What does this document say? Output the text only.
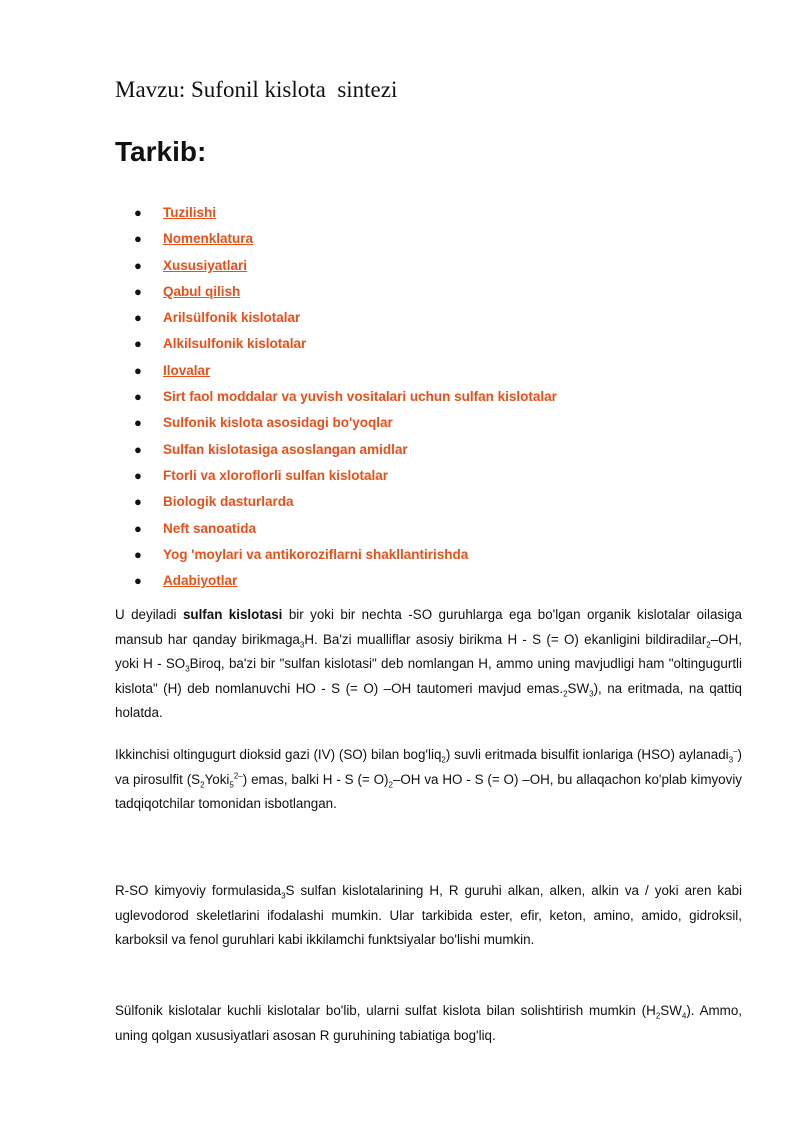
Mavzu: Sufonil kislota  sintezi
Tarkib:
● Tuzilishi
● Nomenklatura
● Xususiyatlari
● Qabul qilish
● Arilsülfonik kislotalar
● Alkilsulfonik kislotalar
● Ilovalar
● Sirt faol moddalar va yuvish vositalari uchun sulfan kislotalar
● Sulfonik kislota asosidagi bo'yoqlar
● Sulfan kislotasiga asoslangan amidlar
● Ftorli va xloroflorli sulfan kislotalar
● Biologik dasturlarda
● Neft sanoatida
● Yog 'moylari va antikoroziflarni shakllantirishda
● Adabiyotlar

U deyiladi sulfan kislotasi bir yoki bir nechta -SO guruhlarga ega bo'lgan organik kislotalar oilasiga mansub har qanday birikmaga$_3$H. Ba'zi mualliflar asosiy birikma H - S (= O) ekanligini bildiradilar$_2$–OH, yoki H - $SO_3Biroq$, ba'zi bir "sulfan kislotasi" deb nomlangan H, ammo uning mavjudligi ham "oltingugurtli kislota" (H) deb nomlanuvchi HO - S (= O) –OH tautomeri mavjud $emas._2SW_3$), na eritmada, na qattiq holatda.

Ikkinchisi oltingugurt dioksid gazi (IV) (SO) bilan bog'liq$_2$) suvli eritmada bisulfit ionlariga (HSO) aylanadi$_3$–) va pirosulfit $(S_2Yoki_5^{2-})$ emas, balki H - S (= $O)_2-OH$ va HO - S (= O) –OH, bu allaqachon ko'plab kimyoviy tadqiqotchilar tomonidan isbotlangan.

R-SO kimyoviy formulasida$_3$S sulfan kislotalarining H, R guruhi alkan, alken, alkin va / yoki aren kabi uglevodorod skeletlarini ifodalashi mumkin. Ular tarkibida ester, efir, keton, amino, amido, gidroksil, karboksil va fenol guruhlari kabi ikkilamchi funktsiyalar bo'lishi mumkin.

Sülfonik kislotalar kuchli kislotalar bo'lib, ularni sulfat kislota bilan solishtirish mumkin $(H_2SW_4)$. Ammo, uning qolgan xususiyatlari asosan R guruhining tabiatiga bog'liq.
